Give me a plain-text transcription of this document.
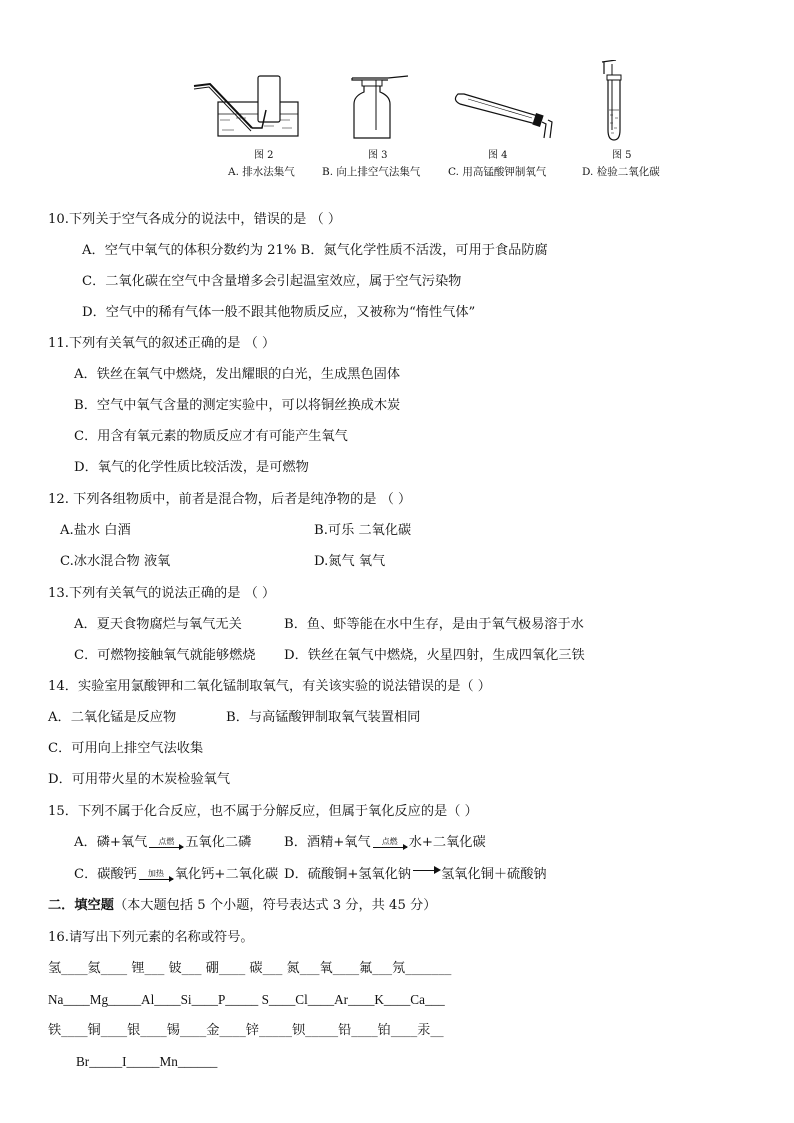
图 2	图 3	图 4	图 5
A. 排水法集气	B. 向上排空气法集气	C. 用高锰酸钾制氧气	D. 检验二氧化碳
10.下列关于空气各成分的说法中，错误的是 （ ）
A．空气中氧气的体积分数约为 21% B．氮气化学性质不活泼，可用于食品防腐
C．二氧化碳在空气中含量增多会引起温室效应，属于空气污染物
D．空气中的稀有气体一般不跟其他物质反应，又被称为“惰性气体”
11.下列有关氧气的叙述正确的是 （ ）
A．铁丝在氧气中燃烧，发出耀眼的白光，生成黑色固体
B．空气中氧气含量的测定实验中，可以将铜丝换成木炭
C．用含有氧元素的物质反应才有可能产生氧气
D．氧气的化学性质比较活泼，是可燃物
12. 下列各组物质中，前者是混合物，后者是纯净物的是 （ ）
A.盐水 白酒	B.可乐 二氧化碳
C.冰水混合物 液氧	D.氮气 氧气
13.下列有关氧气的说法正确的是 （ ）
A．夏天食物腐烂与氧气无关	B．鱼、虾等能在水中生存，是由于氧气极易溶于水
C．可燃物接触氧气就能够燃烧 D．铁丝在氧气中燃烧，火星四射，生成四氧化三铁
14．实验室用氯酸钾和二氧化锰制取氧气，有关该实验的说法错误的是（ ）
A．二氧化锰是反应物	B．与高锰酸钾制取氧气装置相同
C．可用向上排空气法收集
D．可用带火星的木炭检验氧气
15．下列不属于化合反应，也不属于分解反应，但属于氧化反应的是（ ）
A．磷+氧气	点燃 五氧化二磷 B．酒精+氧气	点燃 水+二氧化碳
C．碳酸钙	加热 氧化钙+二氧化碳 D．硫酸铜+氢氧化钠 氢氧化铜＋硫酸钠
二．填空题（本大题包括 5 个小题，符号表达式 3 分，共 45 分）
16.请写出下列元素的名称或符号。
氢____氦____ 锂___ 铍___ 硼____ 碳___ 氮___氧____氟___氖_______
Na____Mg_____Al____Si____P_____ S____Cl____Ar____K____Ca___
铁____铜____银____锡____金____锌_____钡_____铅____铂____汞__
Br_____I_____Mn______
